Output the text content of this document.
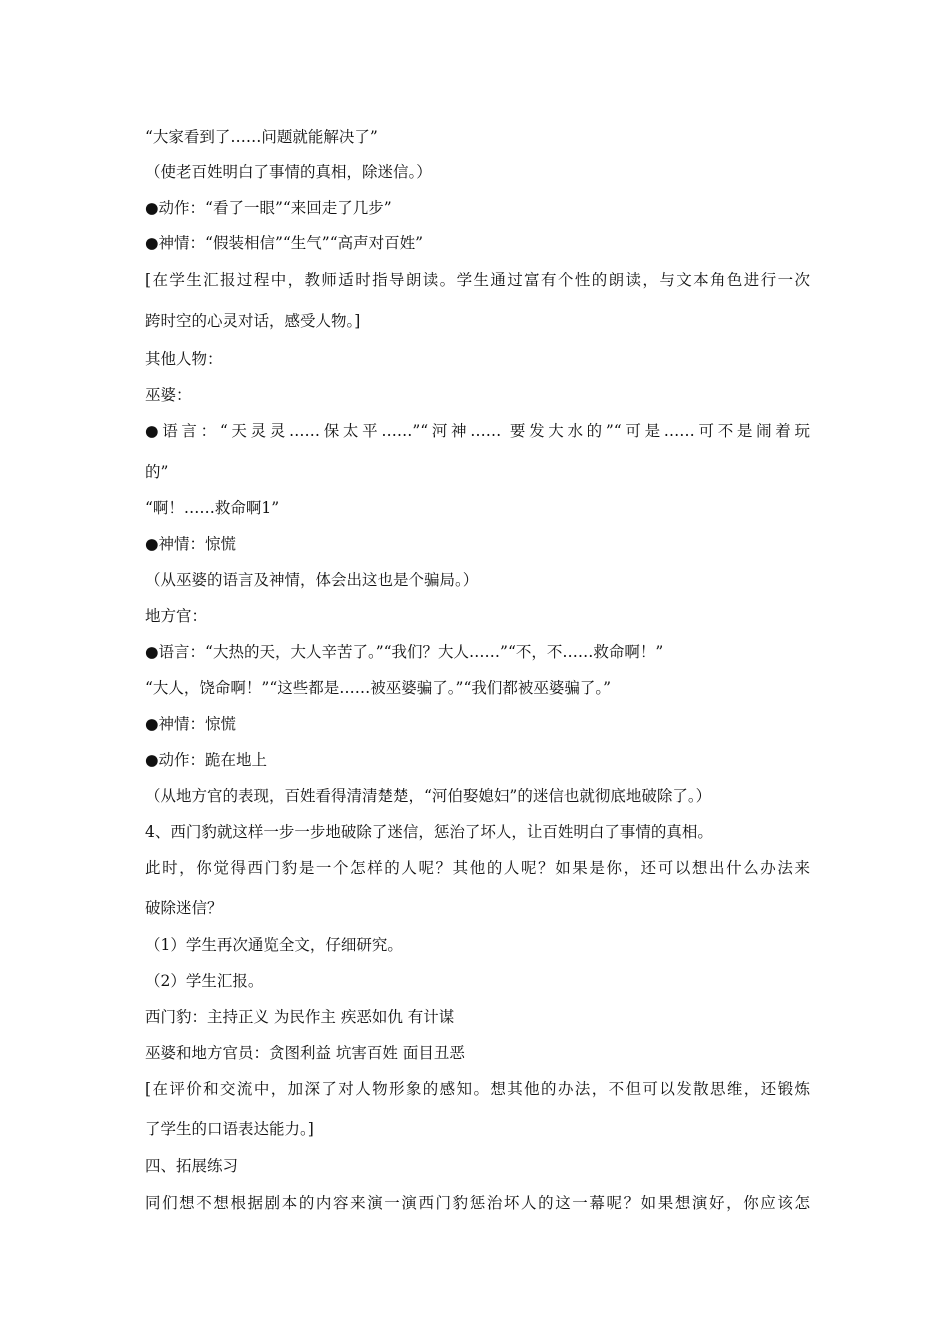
“大家看到了……问题就能解决了”
（使老百姓明白了事情的真相，除迷信。）
●动作：“看了一眼”“来回走了几步”
●神情：“假装相信”“生气”“高声对百姓”
[在学生汇报过程中，教师适时指导朗读。学生通过富有个性的朗读，与文本角色进行一次
跨时空的心灵对话，感受人物。]
其他人物：
巫婆：
●语言：“天灵灵……保太平……”“河神…… 要发大水的”“可是……可不是闹着玩
的”
“啊！……救命啊1”
●神情：惊慌
（从巫婆的语言及神情，体会出这也是个骗局。）
地方官：
●语言：“大热的天，大人辛苦了。”“我们？大人……”“不，不……救命啊！”
“大人，饶命啊！”“这些都是……被巫婆骗了。”“我们都被巫婆骗了。”
●神情：惊慌
●动作：跪在地上
（从地方官的表现，百姓看得清清楚楚，“河伯娶媳妇”的迷信也就彻底地破除了。）
4、西门豹就这样一步一步地破除了迷信，惩治了坏人，让百姓明白了事情的真相。
此时，你觉得西门豹是一个怎样的人呢？其他的人呢？如果是你，还可以想出什么办法来
破除迷信？
（1）学生再次通览全文，仔细研究。
（2）学生汇报。
西门豹：主持正义 为民作主 疾恶如仇 有计谋
巫婆和地方官员：贪图利益 坑害百姓 面目丑恶
[在评价和交流中，加深了对人物形象的感知。想其他的办法，不但可以发散思维，还锻炼
了学生的口语表达能力。]
四、拓展练习
同们想不想根据剧本的内容来演一演西门豹惩治坏人的这一幕呢？如果想演好，你应该怎
